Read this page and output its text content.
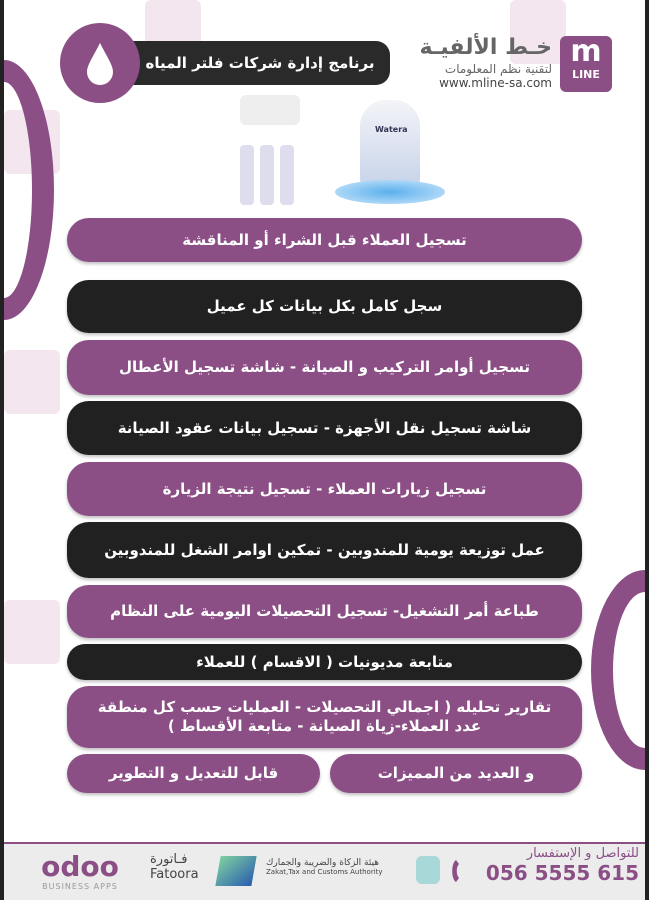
m
LINE
خـط الألفيـة
لتقنية نظم المعلومات
www.mline-sa.com
برنامج إدارة شركات فلتر المياه
Watera
تسجيل العملاء قبل الشراء أو المناقشة
سجل كامل بكل بيانات كل عميل
تسجيل أوامر التركيب و الصيانة - شاشة تسجيل الأعطال
شاشة تسجيل نقل الأجهزة - تسجيل بيانات عقود الصيانة
تسجيل زيارات العملاء - تسجيل نتيجة الزيارة
عمل توزيعة يومية للمندوبين - تمكين اوامر الشغل للمندوبين
طباعة أمر التشغيل- تسجيل التحصيلات اليومية على النظام
متابعة مديونيات ( الاقسام ) للعملاء
تقارير تحليله ( اجمالي التحصيلات - العمليات حسب كل منطقة
عدد العملاء-زياة الصيانة - متابعة الأقساط )
و العديد من المميزات
قابل للتعديل و التطوير
odoo
BUSINESS APPS
فـاتورة
Fatoora
هيئة الزكاة والضريبة والجمارك
Zakat,Tax and Customs Authority
للتواصل و الإستفسار
056 5555 615
